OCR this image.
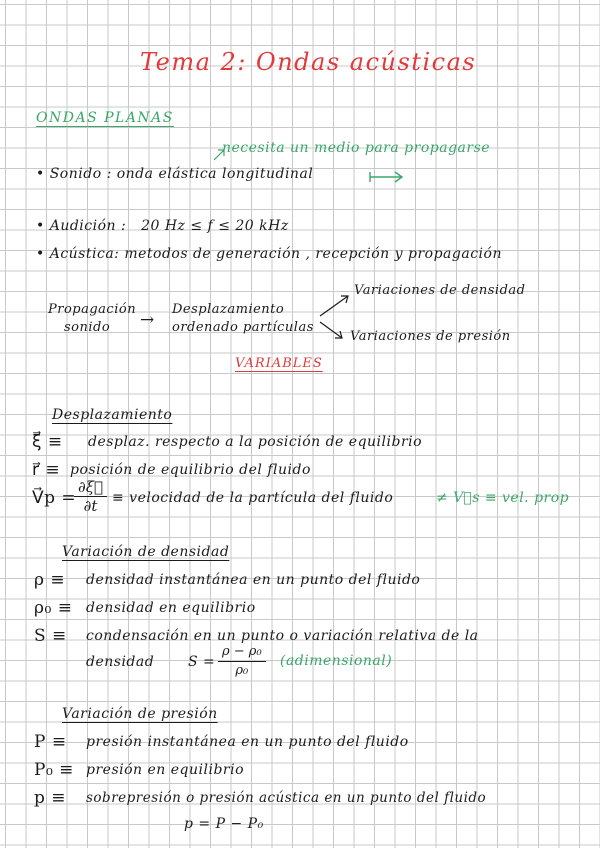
Tema 2: Ondas acústicas
ONDAS PLANAS
necesita un medio para propagarse
• Sonido : onda elástica longitudinal
• Audición : 20 Hz ≤ f ≤ 20 kHz
• Acústica: metodos de generación , recepción y propagación
Propagación
sonido →
Desplazamiento
ordenado partículas
Variaciones de densidad
Variaciones de presión
VARIABLES
Desplazamiento
ξ⃗ ≡ desplaz. respecto a la posición de equilibrio
r⃗ ≡ posición de equilibrio del fluido
V⃗p =
$\frac{\partial\xi⃗}{\partial t}$ ≡ velocidad de la partícula del fluido	≠ V⃗s ≡ vel. prop
Variación de densidad
ρ ≡ densidad instantánea en un punto del fluido
ρ₀ ≡ densidad en equilibrio
S ≡ condensación en un punto o variación relativa de la
densidad $S = \frac{\text{ρ − ρ₀}}{\text{ρ₀}}$ (adimensional)
Variación de presión
P ≡ presión instantánea en un punto del fluido
P₀ ≡ presión en equilibrio
p ≡ sobrepresión o presión acústica en un punto del fluido
p = P − P₀
